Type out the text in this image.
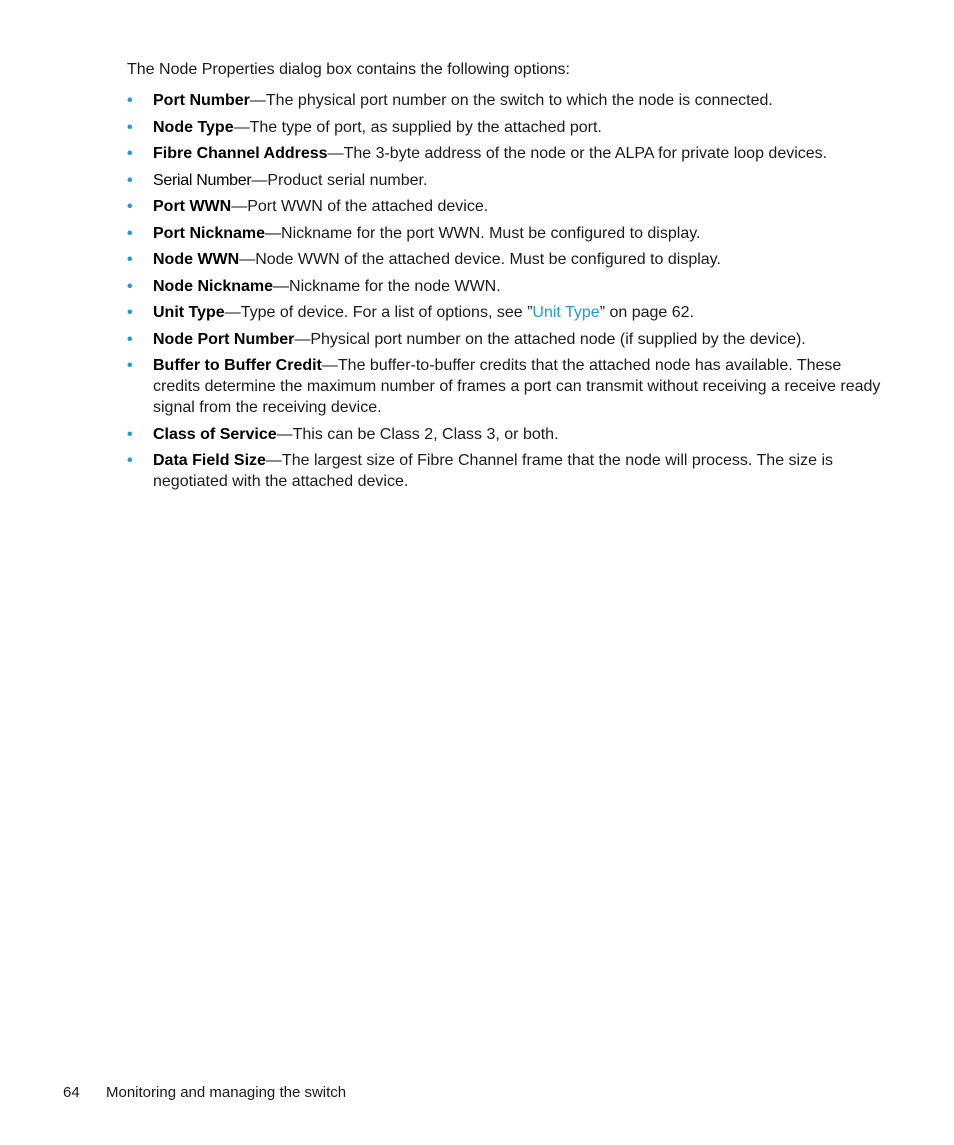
The Node Properties dialog box contains the following options:

• Port Number—The physical port number on the switch to which the node is connected.
• Node Type—The type of port, as supplied by the attached port.
• Fibre Channel Address—The 3-byte address of the node or the ALPA for private loop devices.
• Serial Number—Product serial number.
• Port WWN—Port WWN of the attached device.
• Port Nickname—Nickname for the port WWN. Must be configured to display.
• Node WWN—Node WWN of the attached device. Must be configured to display.
• Node Nickname—Nickname for the node WWN.
• Unit Type—Type of device. For a list of options, see ”Unit Type” on page 62.
• Node Port Number—Physical port number on the attached node (if supplied by the device).
• Buffer to Buffer Credit—The buffer-to-buffer credits that the attached node has available. These credits determine the maximum number of frames a port can transmit without receiving a receive ready signal from the receiving device.
• Class of Service—This can be Class 2, Class 3, or both.
• Data Field Size—The largest size of Fibre Channel frame that the node will process. The size is negotiated with the attached device.
64 Monitoring and managing the switch
